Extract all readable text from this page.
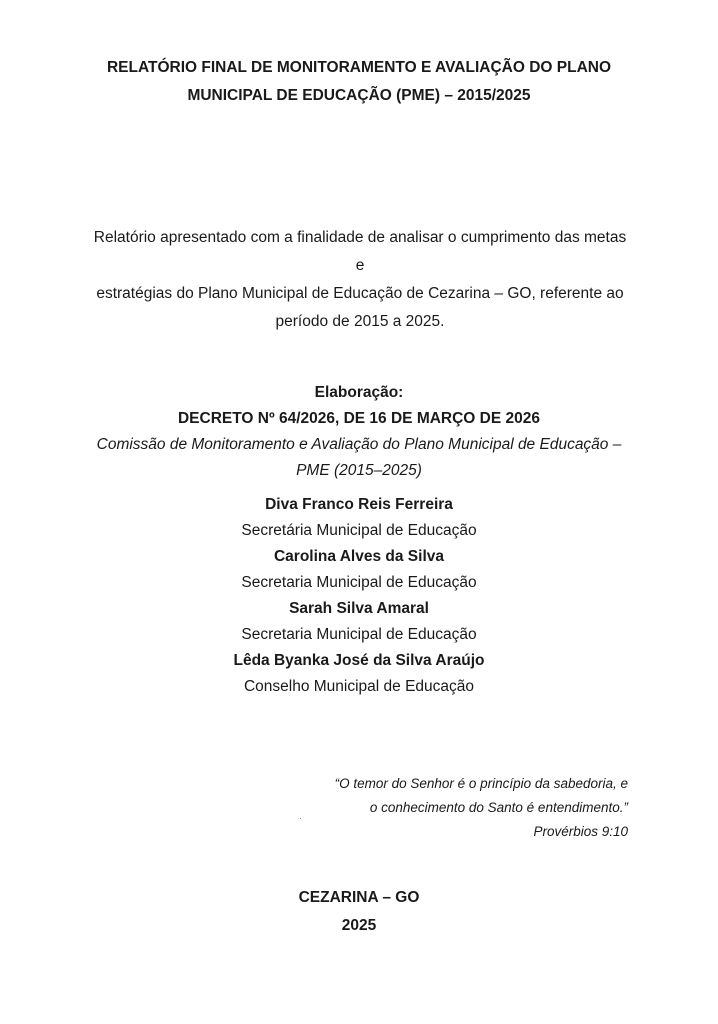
RELATÓRIO FINAL DE MONITORAMENTO E AVALIAÇÃO DO PLANO
MUNICIPAL DE EDUCAÇÃO (PME) – 2015/2025
Relatório apresentado com a finalidade de analisar o cumprimento das metas e
estratégias do Plano Municipal de Educação de Cezarina – GO, referente ao
período de 2015 a 2025.
Elaboração:
DECRETO Nº 64/2026, DE 16 DE MARÇO DE 2026
Comissão de Monitoramento e Avaliação do Plano Municipal de Educação –
PME (2015–2025)
Diva Franco Reis Ferreira
Secretária Municipal de Educação
Carolina Alves da Silva
Secretaria Municipal de Educação
Sarah Silva Amaral
Secretaria Municipal de Educação
Lêda Byanka José da Silva Araújo
Conselho Municipal de Educação
“O temor do Senhor é o princípio da sabedoria, e
o conhecimento do Santo é entendimento.”
Provérbios 9:10
CEZARINA – GO
2025
